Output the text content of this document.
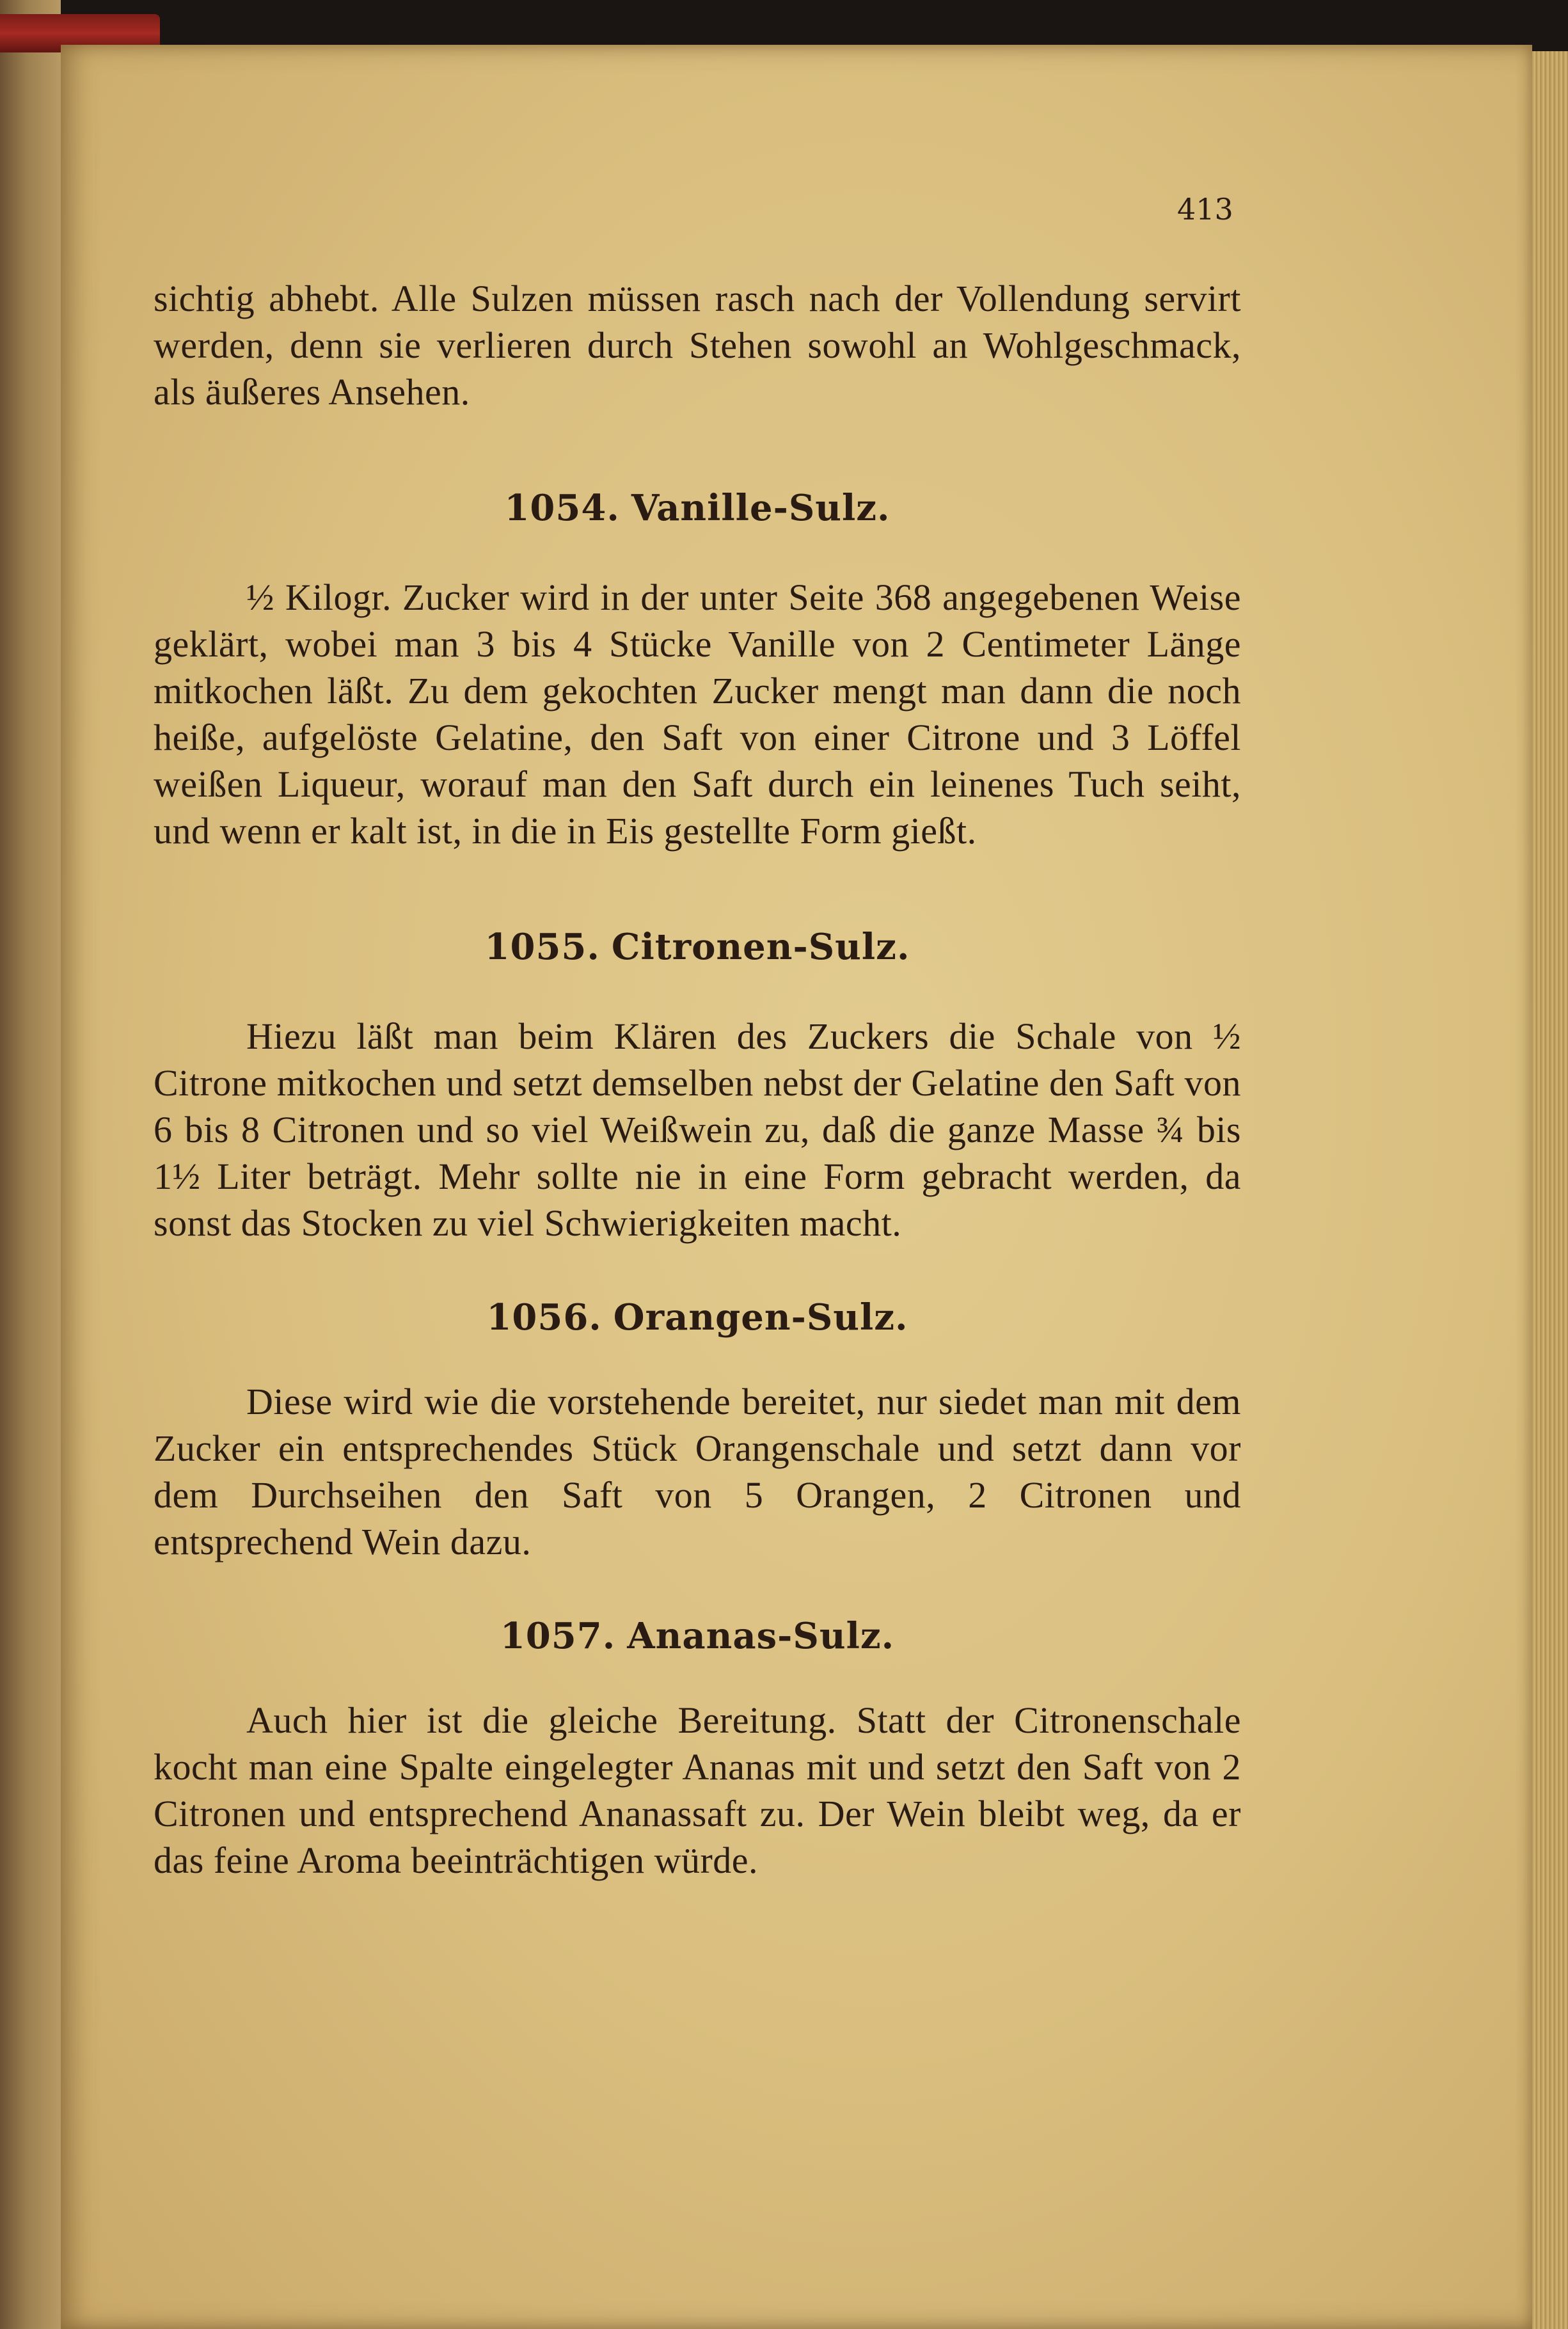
413

sichtig abhebt. Alle Sulzen müssen rasch nach der Vollendung servirt werden, denn sie verlieren durch Stehen sowohl an Wohlgeschmack, als äußeres Ansehen.

1054. Vanille-Sulz.

½ Kilogr. Zucker wird in der unter Seite 368 angegebenen Weise geklärt, wobei man 3 bis 4 Stücke Vanille von 2 Centimeter Länge mitkochen läßt. Zu dem gekochten Zucker mengt man dann die noch heiße, aufgelöste Gelatine, den Saft von einer Citrone und 3 Löffel weißen Liqueur, worauf man den Saft durch ein leinenes Tuch seiht, und wenn er kalt ist, in die in Eis gestellte Form gießt.

1055. Citronen-Sulz.

Hiezu läßt man beim Klären des Zuckers die Schale von ½ Citrone mitkochen und setzt demselben nebst der Gelatine den Saft von 6 bis 8 Citronen und so viel Weißwein zu, daß die ganze Masse ¾ bis 1½ Liter beträgt. Mehr sollte nie in eine Form gebracht werden, da sonst das Stocken zu viel Schwierigkeiten macht.

1056. Orangen-Sulz.

Diese wird wie die vorstehende bereitet, nur siedet man mit dem Zucker ein entsprechendes Stück Orangenschale und setzt dann vor dem Durchseihen den Saft von 5 Orangen, 2 Citronen und entsprechend Wein dazu.

1057. Ananas-Sulz.

Auch hier ist die gleiche Bereitung. Statt der Citronenschale kocht man eine Spalte eingelegter Ananas mit und setzt den Saft von 2 Citronen und entsprechend Ananassaft zu. Der Wein bleibt weg, da er das feine Aroma beeinträchtigen würde.
